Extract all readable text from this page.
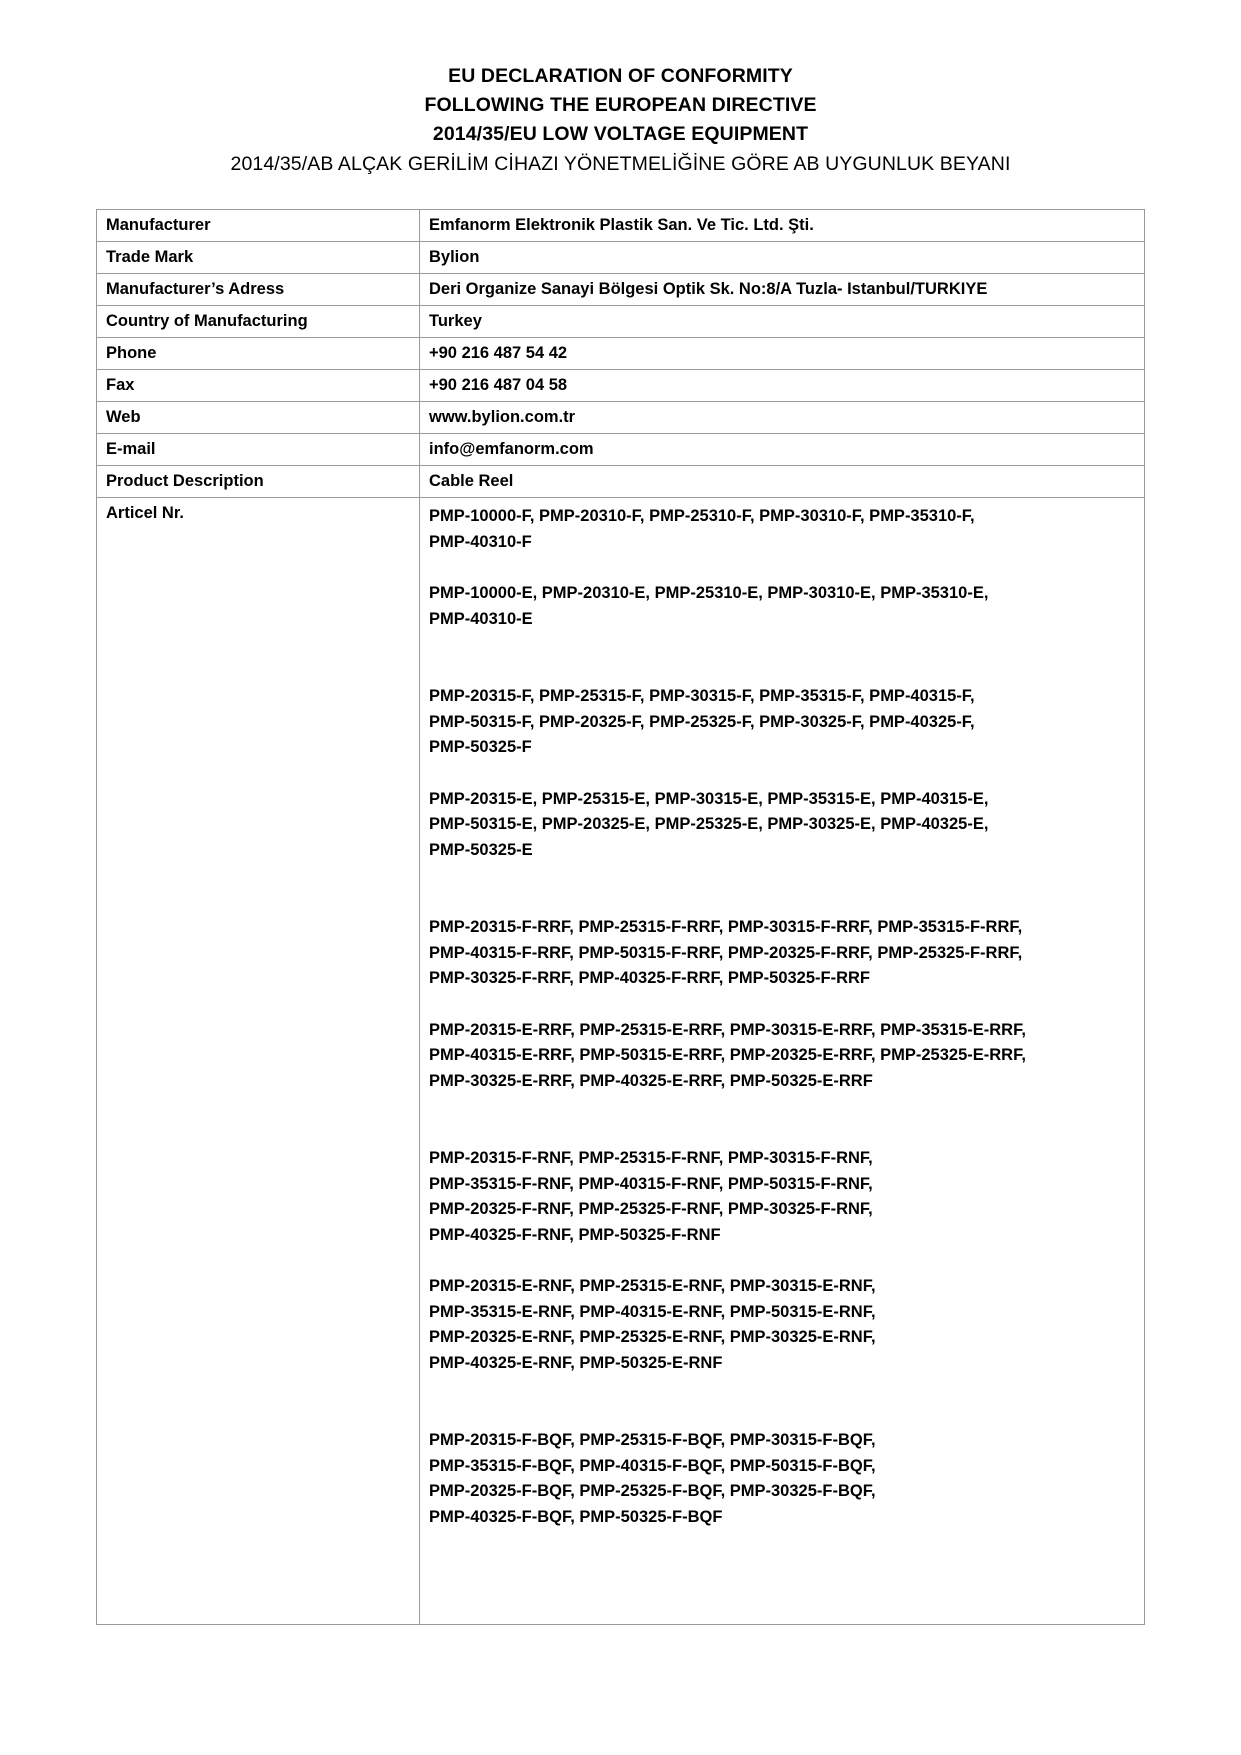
EU DECLARATION OF CONFORMITY
FOLLOWING THE EUROPEAN DIRECTIVE
2014/35/EU LOW VOLTAGE EQUIPMENT
2014/35/AB ALÇAK GERİLİM CİHAZI YÖNETMELİĞİNE GÖRE AB UYGUNLUK BEYANI
Manufacturer	Emfanorm Elektronik Plastik San. Ve Tic. Ltd. Şti.
Trade Mark	Bylion
Manufacturer’s Adress	Deri Organize Sanayi Bölgesi Optik Sk. No:8/A Tuzla- Istanbul/TURKIYE
Country of Manufacturing	Turkey
Phone	+90 216 487 54 42
Fax	+90 216 487 04 58
Web	www.bylion.com.tr
E-mail	info@emfanorm.com
Product Description	Cable Reel
Articel Nr.	PMP-10000-F, PMP-20310-F, PMP-25310-F, PMP-30310-F, PMP-35310-F,
PMP-40310-F
PMP-10000-E, PMP-20310-E, PMP-25310-E, PMP-30310-E, PMP-35310-E,
PMP-40310-E
PMP-20315-F, PMP-25315-F, PMP-30315-F, PMP-35315-F, PMP-40315-F,
PMP-50315-F, PMP-20325-F, PMP-25325-F, PMP-30325-F, PMP-40325-F,
PMP-50325-F
PMP-20315-E, PMP-25315-E, PMP-30315-E, PMP-35315-E, PMP-40315-E,
PMP-50315-E, PMP-20325-E, PMP-25325-E, PMP-30325-E, PMP-40325-E,
PMP-50325-E
PMP-20315-F-RRF, PMP-25315-F-RRF, PMP-30315-F-RRF, PMP-35315-F-RRF,
PMP-40315-F-RRF, PMP-50315-F-RRF, PMP-20325-F-RRF, PMP-25325-F-RRF,
PMP-30325-F-RRF, PMP-40325-F-RRF, PMP-50325-F-RRF
PMP-20315-E-RRF, PMP-25315-E-RRF, PMP-30315-E-RRF, PMP-35315-E-RRF,
PMP-40315-E-RRF, PMP-50315-E-RRF, PMP-20325-E-RRF, PMP-25325-E-RRF,
PMP-30325-E-RRF, PMP-40325-E-RRF, PMP-50325-E-RRF
PMP-20315-F-RNF, PMP-25315-F-RNF, PMP-30315-F-RNF,
PMP-35315-F-RNF, PMP-40315-F-RNF, PMP-50315-F-RNF,
PMP-20325-F-RNF, PMP-25325-F-RNF, PMP-30325-F-RNF,
PMP-40325-F-RNF, PMP-50325-F-RNF
PMP-20315-E-RNF, PMP-25315-E-RNF, PMP-30315-E-RNF,
PMP-35315-E-RNF, PMP-40315-E-RNF, PMP-50315-E-RNF,
PMP-20325-E-RNF, PMP-25325-E-RNF, PMP-30325-E-RNF,
PMP-40325-E-RNF, PMP-50325-E-RNF
PMP-20315-F-BQF, PMP-25315-F-BQF, PMP-30315-F-BQF,
PMP-35315-F-BQF, PMP-40315-F-BQF, PMP-50315-F-BQF,
PMP-20325-F-BQF, PMP-25325-F-BQF, PMP-30325-F-BQF,
PMP-40325-F-BQF, PMP-50325-F-BQF
